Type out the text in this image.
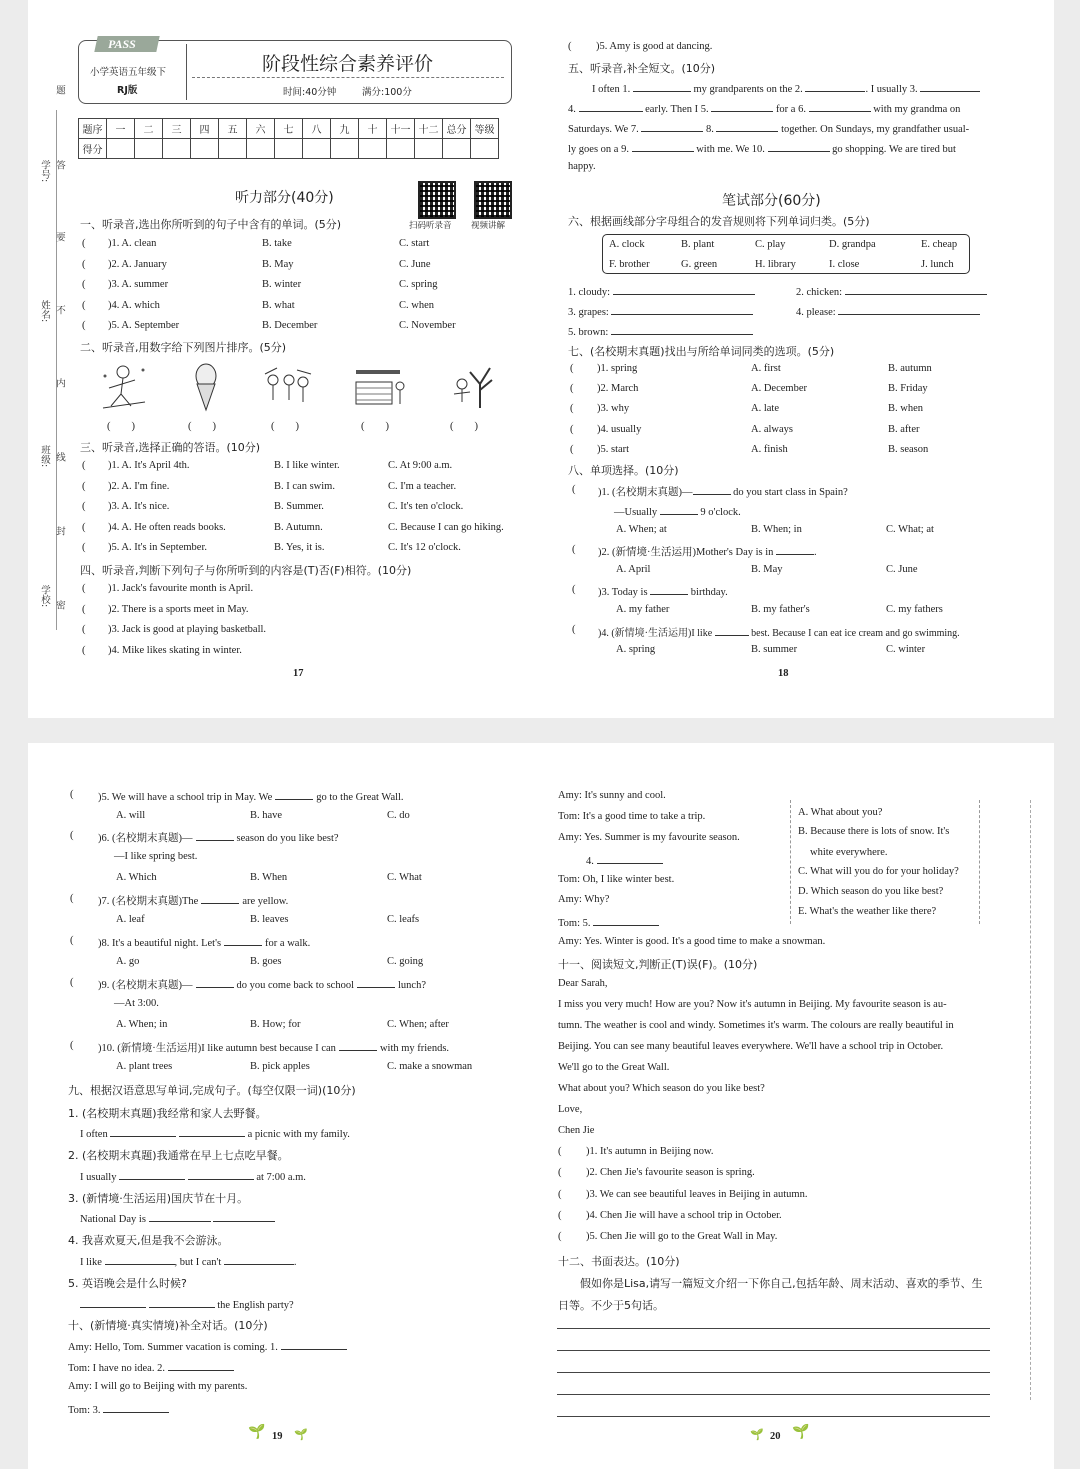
PASS
小学英语五年级下
RJ版
阶段性综合素养评价
时间:40分钟	满分:100分
题序	一	二	三	四	五	六	七	八	九	十	十一	十二	总分	等级
得分														
学号:
姓名:
班级:
学校:
题
答
要
不
内
线
封
密
听力部分(40分)
扫码听录音 视频讲解
一、听录音,选出你所听到的句子中含有的单词。(5分)
( )1. A. clean	B. take	C. start
( )2. A. January	B. May	C. June
( )3. A. summer	B. winter	C. spring
( )4. A. which	B. what	C. when
( )5. A. September	B. December	C. November
二、听录音,用数字给下列图片排序。(5分)
(　　)	(　　)	(　　)	(　　)	(　　)
三、听录音,选择正确的答语。(10分)
( )1. A. It's April 4th.	B. I like winter.	C. At 9:00 a.m.
( )2. A. I'm fine.	B. I can swim.	C. I'm a teacher.
( )3. A. It's nice.	B. Summer.	C. It's ten o'clock.
( )4. A. He often reads books.	B. Autumn.	C. Because I can go hiking.
( )5. A. It's in September.	B. Yes, it is.	C. It's 12 o'clock.
四、听录音,判断下列句子与你所听到的内容是(T)否(F)相符。(10分)
( )1. Jack's favourite month is April.
( )2. There is a sports meet in May.
( )3. Jack is good at playing basketball.
( )4. Mike likes skating in winter.
17
( )5. Amy is good at dancing.
五、听录音,补全短文。(10分)
I often 1.	my grandparents on the 2.	. I usually 3.
4.	early. Then I 5.	for a 6.	with my grandma on
Saturdays. We 7.	8.	together. On Sundays, my grandfather usual-
ly goes on a 9.	with me. We 10.	go shopping. We are tired but
happy.
笔试部分(60分)
六、根据画线部分字母组合的发音规则将下列单词归类。(5分)
A. clock	B. plant	C. play	D. grandpa	E. cheap
F. brother	G. green	H. library	I. close	J. lunch
1. cloudy:	2. chicken:
3. grapes:	4. please:
5. brown:
七、(名校期末真题)找出与所给单词同类的选项。(5分)
( )1. spring	A. first	B. autumn
( )2. March	A. December	B. Friday
( )3. why	A. late	B. when
( )4. usually	A. always	B. after
( )5. start	A. finish	B. season
八、单项选择。(10分)
( )1. (名校期末真题)—	do you start class in Spain?
—Usually	9 o'clock.
A. When; at	B. When; in	C. What; at
( )2. (新情境·生活运用)Mother's Day is in	.
A. April	B. May	C. June
( )3. Today is	birthday.
A. my father	B. my father's	C. my fathers
( )4. (新情境·生活运用)I like	best. Because I can eat ice cream and go swimming.
A. spring	B. summer	C. winter
18
( )5. We will have a school trip in May. We	go to the Great Wall.
A. will	B. have	C. do
( )6. (名校期末真题)—	season do you like best?
—I like spring best.
A. Which	B. When	C. What
( )7. (名校期末真题)The	are yellow.
A. leaf	B. leaves	C. leafs
( )8. It's a beautiful night. Let's	for a walk.
A. go	B. goes	C. going
( )9. (名校期末真题)—	do you come back to school	lunch?
—At 3:00.
A. When; in	B. How; for	C. When; after
( )10. (新情境·生活运用)I like autumn best because I can	with my friends.
A. plant trees	B. pick apples	C. make a snowman
九、根据汉语意思写单词,完成句子。(每空仅限一词)(10分)
1. (名校期末真题)我经常和家人去野餐。
I often	a picnic with my family.
2. (名校期末真题)我通常在早上七点吃早餐。
I usually	at 7:00 a.m.
3. (新情境·生活运用)国庆节在十月。
National Day is
4. 我喜欢夏天,但是我不会游泳。
I like	, but I can't	.
5. 英语晚会是什么时候?
the English party?
十、(新情境·真实情境)补全对话。(10分)
Amy: Hello, Tom. Summer vacation is coming. 1.
Tom: I have no idea. 2.
Amy: I will go to Beijing with my parents.
Tom: 3.
🌱 19 🌱
Amy: It's sunny and cool.
Tom: It's a good time to take a trip.
Amy: Yes. Summer is my favourite season.
4.
Tom: Oh, I like winter best.
Amy: Why?
Tom: 5.
Amy: Yes. Winter is good. It's a good time to make a snowman.
A. What about you?
B. Because there is lots of snow. It's
white everywhere.
C. What will you do for your holiday?
D. Which season do you like best?
E. What's the weather like there?
十一、阅读短文,判断正(T)误(F)。(10分)
Dear Sarah,
I miss you very much! How are you? Now it's autumn in Beijing. My favourite season is au-
tumn. The weather is cool and windy. Sometimes it's warm. The colours are really beautiful in
Beijing. You can see many beautiful leaves everywhere. We'll have a school trip in October.
We'll go to the Great Wall.
What about you? Which season do you like best?
Love,
Chen Jie
( )1. It's autumn in Beijing now.
( )2. Chen Jie's favourite season is spring.
( )3. We can see beautiful leaves in Beijing in autumn.
( )4. Chen Jie will have a school trip in October.
( )5. Chen Jie will go to the Great Wall in May.
十二、书面表达。(10分)
假如你是Lisa,请写一篇短文介绍一下你自己,包括年龄、周末活动、喜欢的季节、生
日等。不少于5句话。
🌱 20 🌱
